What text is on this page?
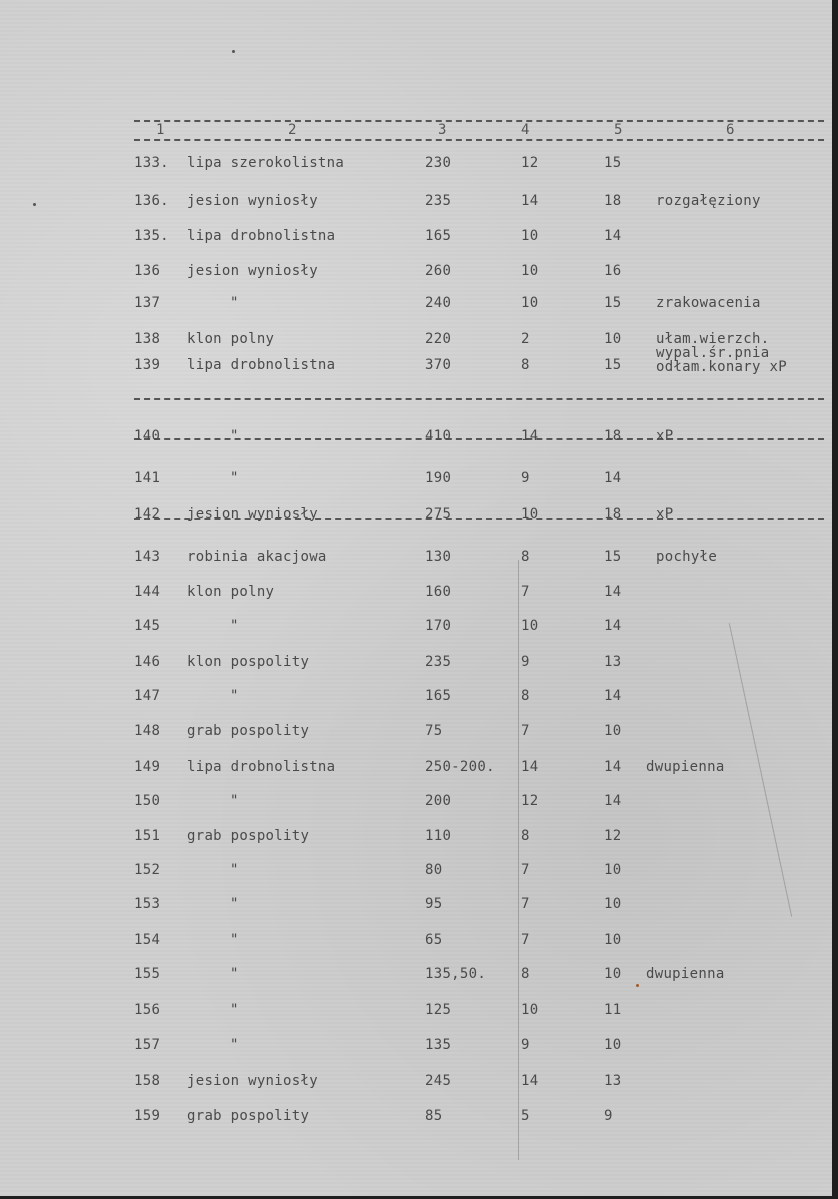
1	2	3	4	5	6
133. lipa szerokolistna	230	12	15
136. jesion wyniosły	235	14	18 rozgałęziony
135. lipa drobnolistna	165	10	14
136 jesion wyniosły	260	10	16
137	"	240	10	15 zrakowacenia
138 klon polny	220	2	10 ułam.wierzch.
139 lipa drobnolistna	370	8	15
wypal.śr.pnia
odłam.konary xP
140	"	410	14	18 xP
141	"	190	9	14
142 jesion wyniosły	275	10	18 xP
143 robinia akacjowa	130	8	15 pochyłe
144 klon polny	160	7	14
145	"	170	10	14
146 klon pospolity	235	9	13
147	"	165	8	14
148 grab pospolity	75	7	10
149 lipa drobnolistna	250-200. 14	14 dwupienna
150	"	200	12	14
151 grab pospolity	110	8	12
152	"	80	7	10
153	"	95	7	10
154	"	65	7	10
155	"	135,50. 8	10 dwupienna
156	"	125	10	11
157	"	135	9	10
158 jesion wyniosły	245	14	13
159 grab pospolity	85	5	9
